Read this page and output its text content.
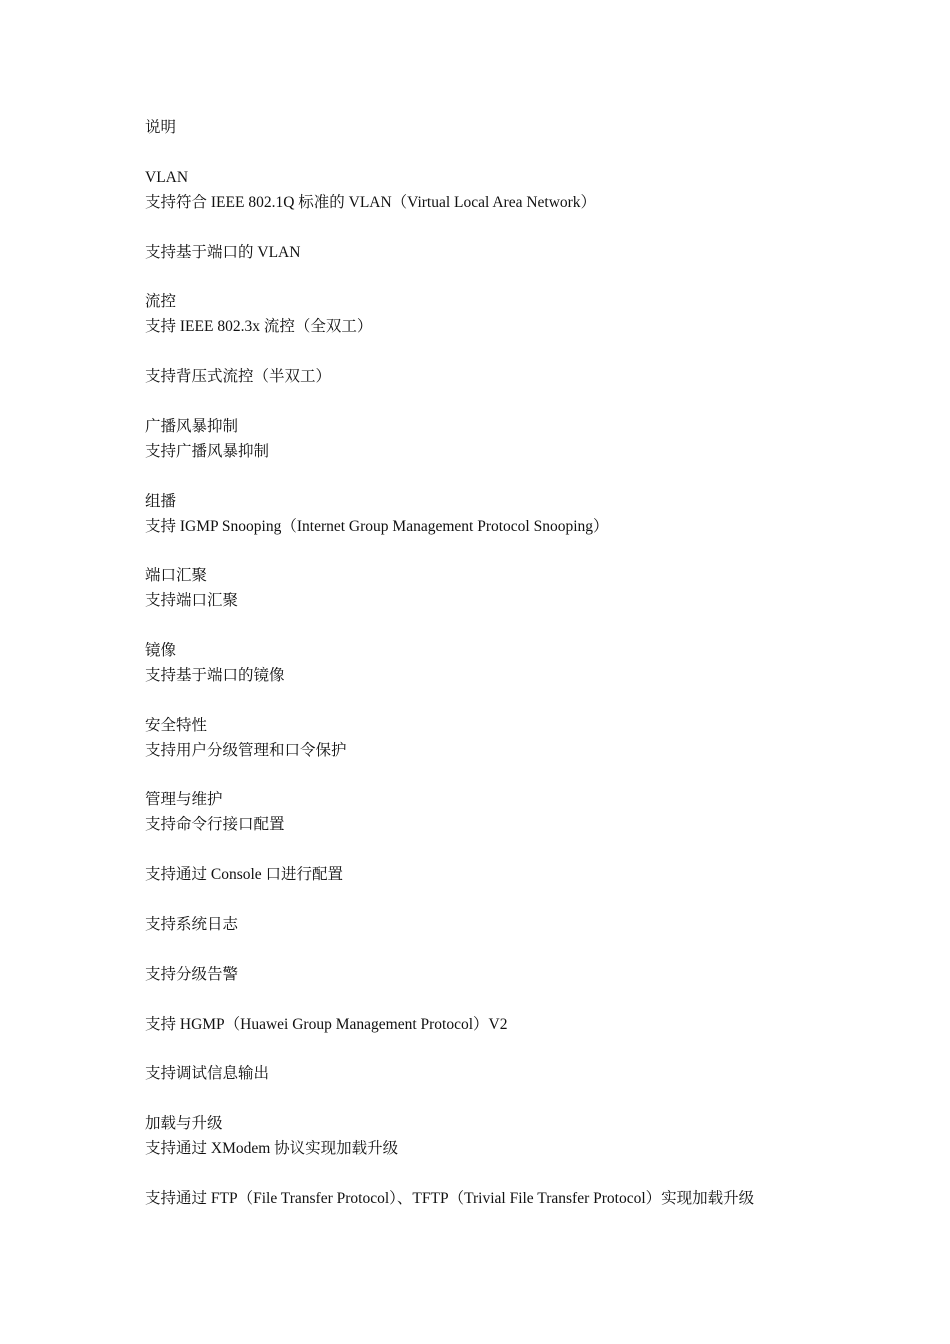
说明
VLAN
支持符合 IEEE 802.1Q 标准的 VLAN（Virtual Local Area Network）
支持基于端口的 VLAN
流控
支持 IEEE 802.3x 流控（全双工）
支持背压式流控（半双工）
广播风暴抑制
支持广播风暴抑制
组播
支持 IGMP Snooping（Internet Group Management Protocol Snooping）
端口汇聚
支持端口汇聚
镜像
支持基于端口的镜像
安全特性
支持用户分级管理和口令保护
管理与维护
支持命令行接口配置
支持通过 Console 口进行配置
支持系统日志
支持分级告警
支持 HGMP（Huawei Group Management Protocol）V2
支持调试信息输出
加载与升级
支持通过 XModem 协议实现加载升级
支持通过 FTP（File Transfer Protocol）、TFTP（Trivial File Transfer Protocol）实现加载升级
